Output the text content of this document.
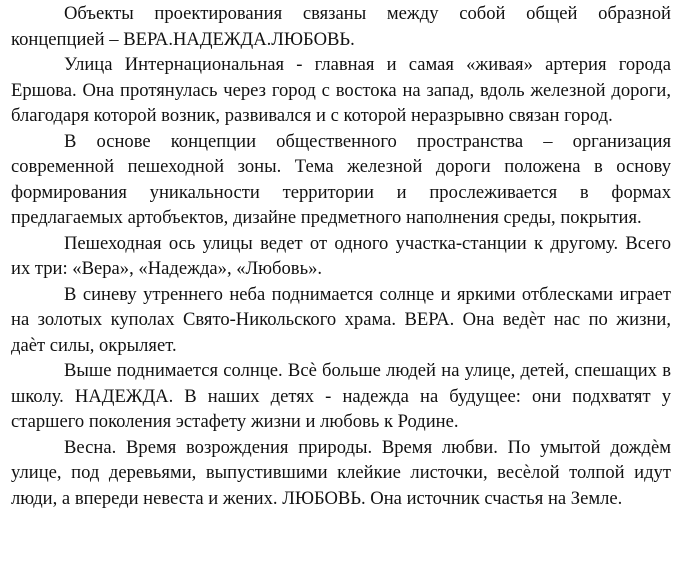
Объекты проектирования связаны между собой общей образной концепцией – ВЕРА.НАДЕЖДА.ЛЮБОВЬ.

Улица Интернациональная - главная и самая «живая» артерия города Ершова. Она протянулась через город с востока на запад, вдоль железной дороги, благодаря которой возник, развивался и с которой неразрывно связан город.

В основе концепции общественного пространства – организация современной пешеходной зоны. Тема железной дороги положена в основу формирования уникальности территории и прослеживается в формах предлагаемых артобъектов, дизайне предметного наполнения среды, покрытия.

Пешеходная ось улицы ведет от одного участка-станции к другому. Всего их три: «Вера», «Надежда», «Любовь».

В синеву утреннего неба поднимается солнце и яркими отблесками играет на золотых куполах Свято-Никольского храма. ВЕРА. Она ведѐт нас по жизни, даѐт силы, окрыляет.

Выше поднимается солнце. Всѐ больше людей на улице, детей, спешащих в школу. НАДЕЖДА. В наших детях - надежда на будущее: они подхватят у старшего поколения эстафету жизни и любовь к Родине.

Весна. Время возрождения природы. Время любви. По умытой дождѐм улице, под деревьями, выпустившими клейкие листочки, весѐлой толпой идут люди, а впереди невеста и жених. ЛЮБОВЬ. Она источник счастья на Земле.
